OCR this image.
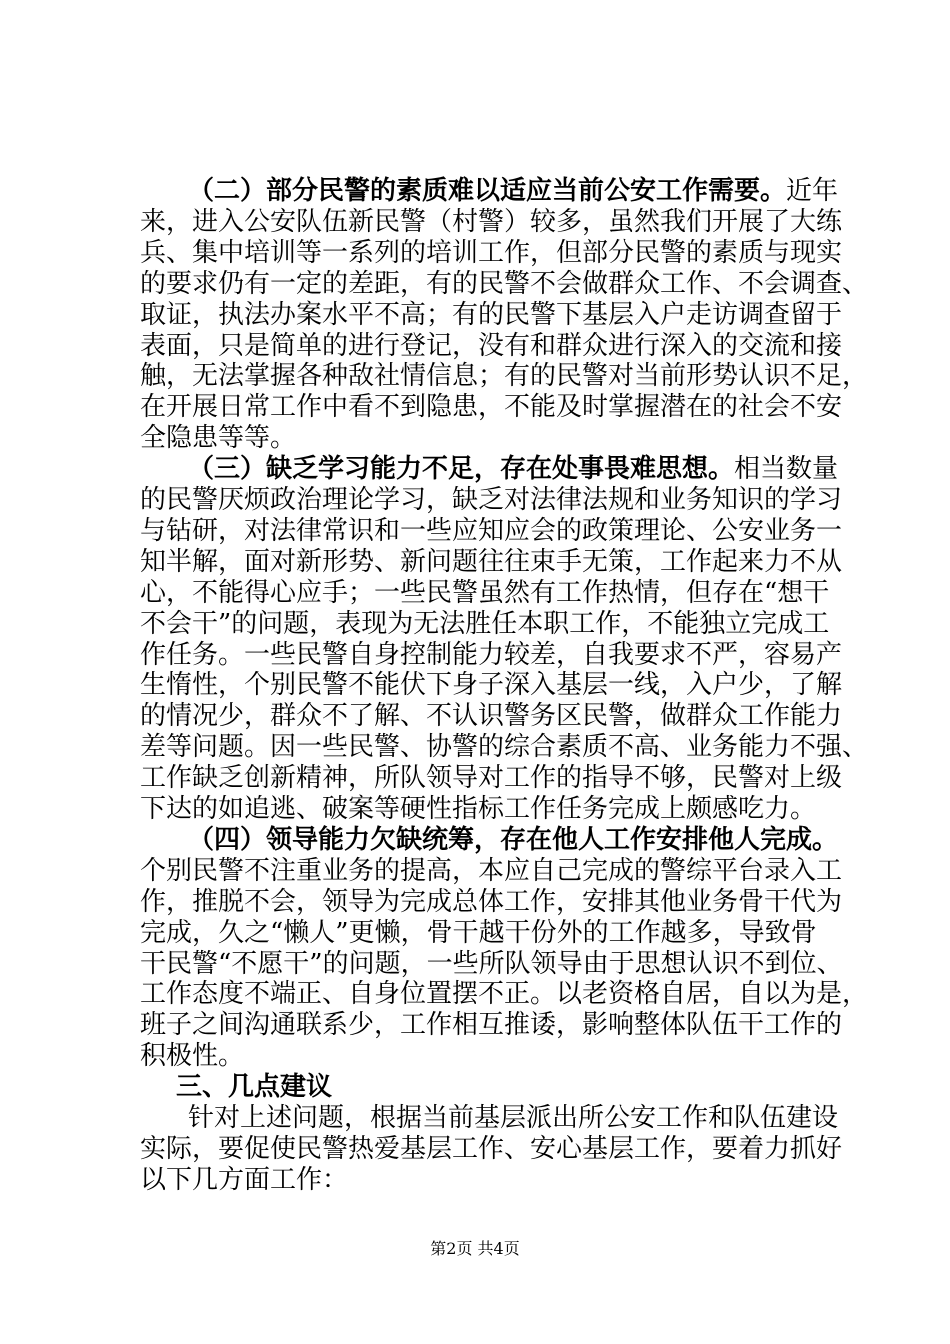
（二）部分民警的素质难以适应当前公安工作需要。近年
来，进入公安队伍新民警（村警）较多，虽然我们开展了大练
兵、集中培训等一系列的培训工作，但部分民警的素质与现实
的要求仍有一定的差距，有的民警不会做群众工作、不会调查、
取证，执法办案水平不高；有的民警下基层入户走访调查留于
表面，只是简单的进行登记，没有和群众进行深入的交流和接
触，无法掌握各种敌社情信息；有的民警对当前形势认识不足，
在开展日常工作中看不到隐患，不能及时掌握潜在的社会不安
全隐患等等。
（三）缺乏学习能力不足，存在处事畏难思想。相当数量
的民警厌烦政治理论学习，缺乏对法律法规和业务知识的学习
与钻研，对法律常识和一些应知应会的政策理论、公安业务一
知半解，面对新形势、新问题往往束手无策，工作起来力不从
心，不能得心应手；一些民警虽然有工作热情，但存在“想干
不会干”的问题，表现为无法胜任本职工作，不能独立完成工
作任务。一些民警自身控制能力较差，自我要求不严，容易产
生惰性，个别民警不能伏下身子深入基层一线，入户少，了解
的情况少，群众不了解、不认识警务区民警，做群众工作能力
差等问题。因一些民警、协警的综合素质不高、业务能力不强、
工作缺乏创新精神，所队领导对工作的指导不够，民警对上级
下达的如追逃、破案等硬性指标工作任务完成上颇感吃力。
（四）领导能力欠缺统筹，存在他人工作安排他人完成。
个别民警不注重业务的提高，本应自己完成的警综平台录入工
作，推脱不会，领导为完成总体工作，安排其他业务骨干代为
完成，久之“懒人”更懒，骨干越干份外的工作越多，导致骨
干民警“不愿干”的问题，一些所队领导由于思想认识不到位、
工作态度不端正、自身位置摆不正。以老资格自居，自以为是，
班子之间沟通联系少，工作相互推诿，影响整体队伍干工作的
积极性。
三、几点建议
针对上述问题，根据当前基层派出所公安工作和队伍建设
实际，要促使民警热爱基层工作、安心基层工作，要着力抓好
以下几方面工作：
第2页 共4页
